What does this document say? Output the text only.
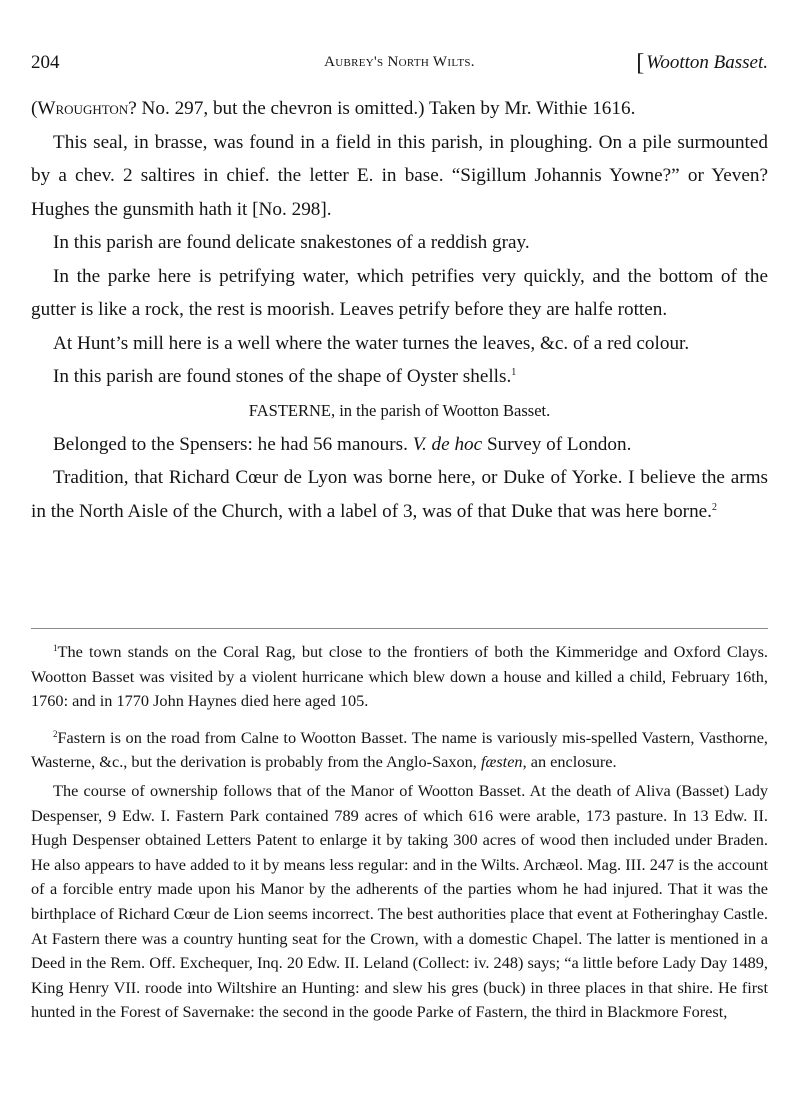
204	Aubrey's North Wilts.	[ Wootton Basset.

(Wroughton? No. 297, but the chevron is omitted.) Taken by Mr. Withie 1616.

This seal, in brasse, was found in a field in this parish, in ploughing. On a pile surmounted by a chev. 2 saltires in chief. the letter E. in base. “Sigillum Johannis Yowne?” or Yeven? Hughes the gunsmith hath it [No. 298].

In this parish are found delicate snakestones of a reddish gray.

In the parke here is petrifying water, which petrifies very quickly, and the bottom of the gutter is like a rock, the rest is moorish. Leaves petrify before they are halfe rotten.

At Hunt’s mill here is a well where the water turnes the leaves, &c. of a red colour.

In this parish are found stones of the shape of Oyster shells.$^1$

FASTERNE, in the parish of Wootton Basset.

Belonged to the Spensers: he had 56 manours. V. de hoc Survey of London.

Tradition, that Richard Cœur de Lyon was borne here, or Duke of Yorke. I believe the arms in the North Aisle of the Church, with a label of 3, was of that Duke that was here borne.$^2$

$^1$The town stands on the Coral Rag, but close to the frontiers of both the Kimmeridge and Oxford Clays. Wootton Basset was visited by a violent hurricane which blew down a house and killed a child, February 16th, 1760: and in 1770 John Haynes died here aged 105.

$^2$Fastern is on the road from Calne to Wootton Basset. The name is variously mis-spelled Vastern, Vasthorne, Wasterne, &c., but the derivation is probably from the Anglo-Saxon, fæsten, an enclosure.

The course of ownership follows that of the Manor of Wootton Basset. At the death of Aliva (Basset) Lady Despenser, 9 Edw. I. Fastern Park contained 789 acres of which 616 were arable, 173 pasture. In 13 Edw. II. Hugh Despenser obtained Letters Patent to enlarge it by taking 300 acres of wood then included under Braden. He also appears to have added to it by means less regular: and in the Wilts. Archæol. Mag. III. 247 is the account of a forcible entry made upon his Manor by the adherents of the parties whom he had injured. That it was the birthplace of Richard Cœur de Lion seems incorrect. The best authorities place that event at Fotheringhay Castle. At Fastern there was a country hunting seat for the Crown, with a domestic Chapel. The latter is mentioned in a Deed in the Rem. Off. Exchequer, Inq. 20 Edw. II. Leland (Collect: iv. 248) says; “a little before Lady Day 1489, King Henry VII. roode into Wiltshire an Hunting: and slew his gres (buck) in three places in that shire. He first hunted in the Forest of Savernake: the second in the goode Parke of Fastern, the third in Blackmore Forest,
